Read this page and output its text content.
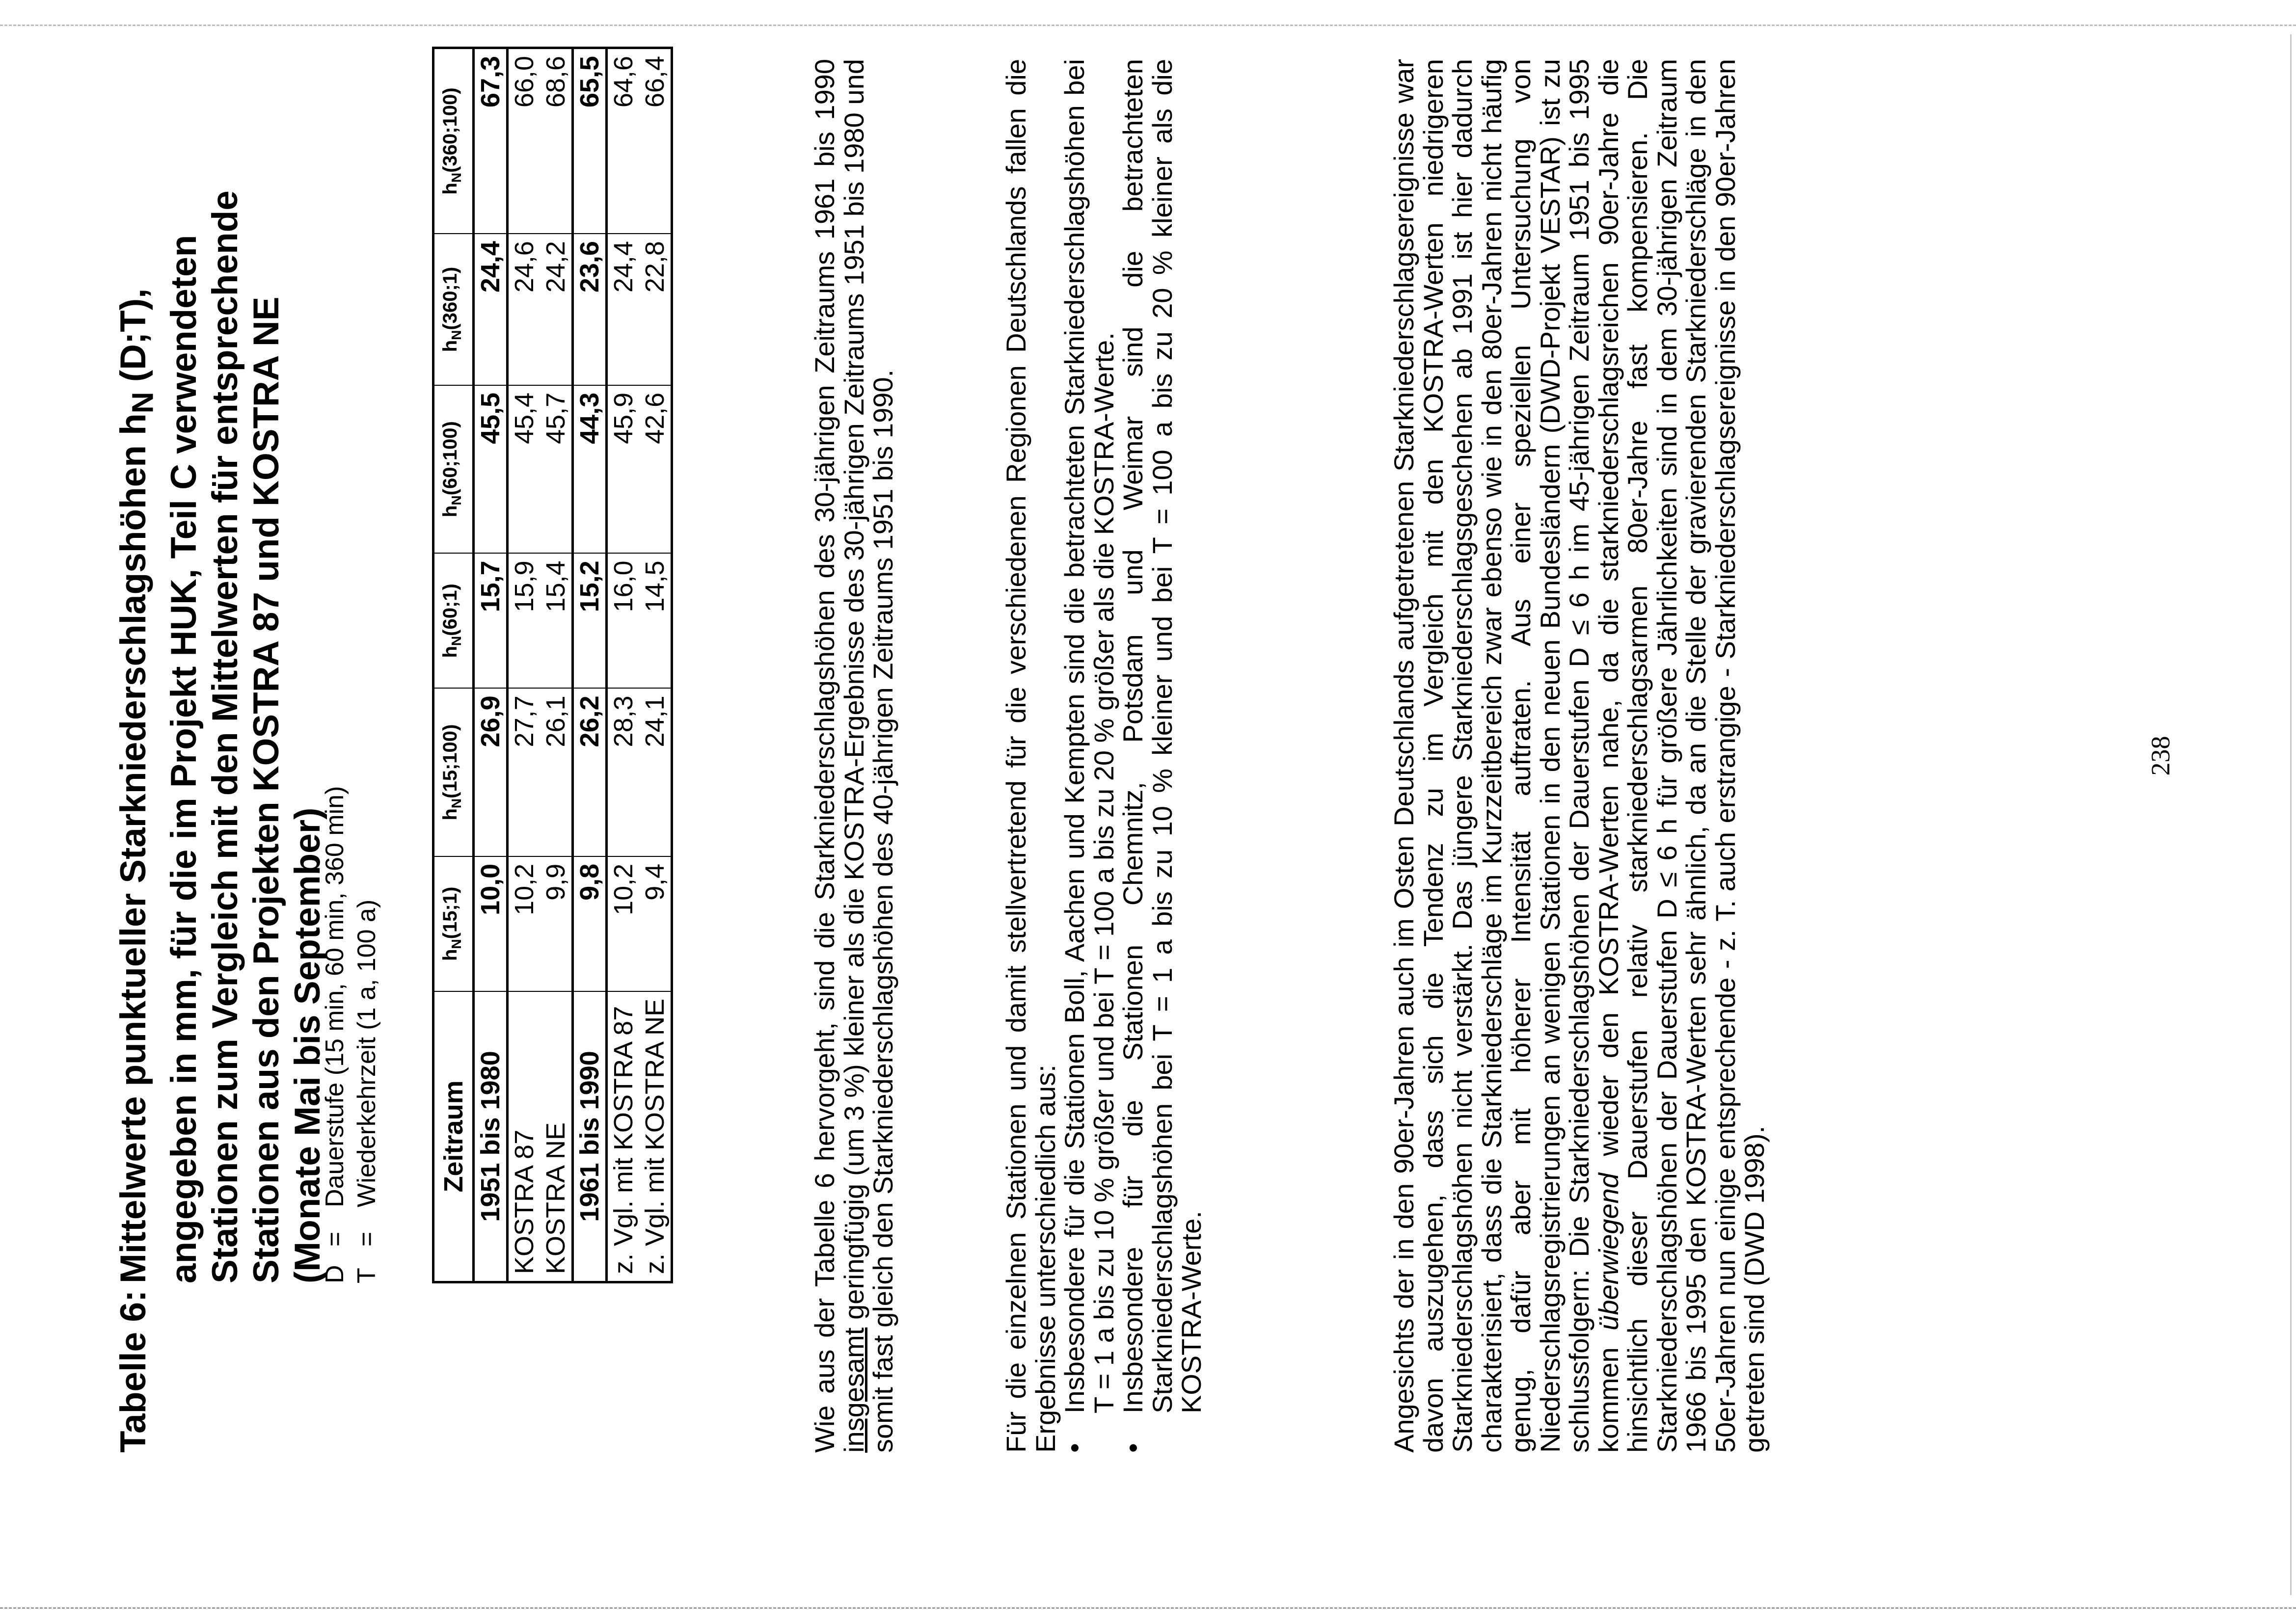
Tabelle 6:
Mittelwerte punktueller Starkniederschlagshöhen $h_N$ (D;T), angegeben in mm, für die im Projekt HUK, Teil C verwendeten Stationen zum Vergleich mit den Mittelwerten für entsprechende Stationen aus den Projekten KOSTRA 87 und KOSTRA NE (Monate Mai bis September)
D=Dauerstufe (15 min, 60 min, 360 min)
T=Wiederkehrzeit (1 a, 100 a) Zeitraum	$h_N(15;1)$	$h_N(15;100)$	$h_N(60;1)$	$h_N(60;100)$	$h_N(360;1)$	$h_N(360;100)$
1951 bis 1980	10,0	26,9	15,7	45,5	24,4	67,3
KOSTRA 87	10,2	27,7	15,9	45,4	24,6	66,0
KOSTRA NE	9,9	26,1	15,4	45,7	24,2	68,6
1961 bis 1990	9,8	26,2	15,2	44,3	23,6	65,5
z. Vgl. mit KOSTRA 87	10,2	28,3	16,0	45,9	24,4	64,6
z. Vgl. mit KOSTRA NE	9,4	24,1	14,5	42,6	22,8	66,4	Wie aus der Tabelle 6 hervorgeht, sind die Starkniederschlagshöhen des 30-jährigen Zeitraums 1961 bis 1990 insgesamt geringfügig (um 3 %) kleiner als die KOSTRA-Ergebnisse des 30-jährigen Zeitraums 1951 bis 1980 und somit fast gleich den Starkniederschlagshöhen des 40-jährigen Zeitraums 1951 bis 1990.	Für die einzelnen Stationen und damit stellvertretend für die verschiedenen Regionen Deutschlands fallen die Ergebnisse unterschiedlich aus:

•
Insbesondere für die Stationen Boll, Aachen und Kempten sind die betrachteten Starkniederschlagshöhen bei T = 1 a bis zu 10 % größer und bei T = 100 a bis zu 20 % größer als die KOSTRA-Werte.
•
Insbesondere für die Stationen Chemnitz, Potsdam und Weimar sind die betrachteten Starkniederschlagshöhen bei T = 1 a bis zu 10 % kleiner und bei T = 100 a bis zu 20 % kleiner als die KOSTRA-Werte.	Angesichts der in den 90er-Jahren auch im Osten Deutschlands aufgetretenen Starkniederschlagsereignisse war davon auszugehen, dass sich die Tendenz zu im Vergleich mit den KOSTRA-Werten niedrigeren Starkniederschlagshöhen nicht verstärkt. Das jüngere Starkniederschlagsgeschehen ab 1991 ist hier dadurch charakterisiert, dass die Starkniederschläge im Kurzzeitbereich zwar ebenso wie in den 80er-Jahren nicht häufig genug, dafür aber mit höherer Intensität auftraten. Aus einer speziellen Untersuchung von Niederschlagsregistrierungen an wenigen Stationen in den neuen Bundesländern (DWD-Projekt VESTAR) ist zu schlussfolgern: Die Starkniederschlagshöhen der Dauerstufen D ≤ 6 h im 45-jährigen Zeitraum 1951 bis 1995 kommen überwiegend wieder den KOSTRA-Werten nahe, da die starkniederschlagsreichen 90er-Jahre die hinsichtlich dieser Dauerstufen relativ starkniederschlagsarmen 80er-Jahre fast kompensieren. Die Starkniederschlagshöhen der Dauerstufen D ≤ 6 h für größere Jährlichkeiten sind in dem 30-jährigen Zeitraum 1966 bis 1995 den KOSTRA-Werten sehr ähnlich, da an die Stelle der gravierenden Starkniederschläge in den 50er-Jahren nun einige entsprechende - z. T. auch erstrangige - Starkniederschlagsereignisse in den 90er-Jahren getreten sind (DWD 1998).

238
